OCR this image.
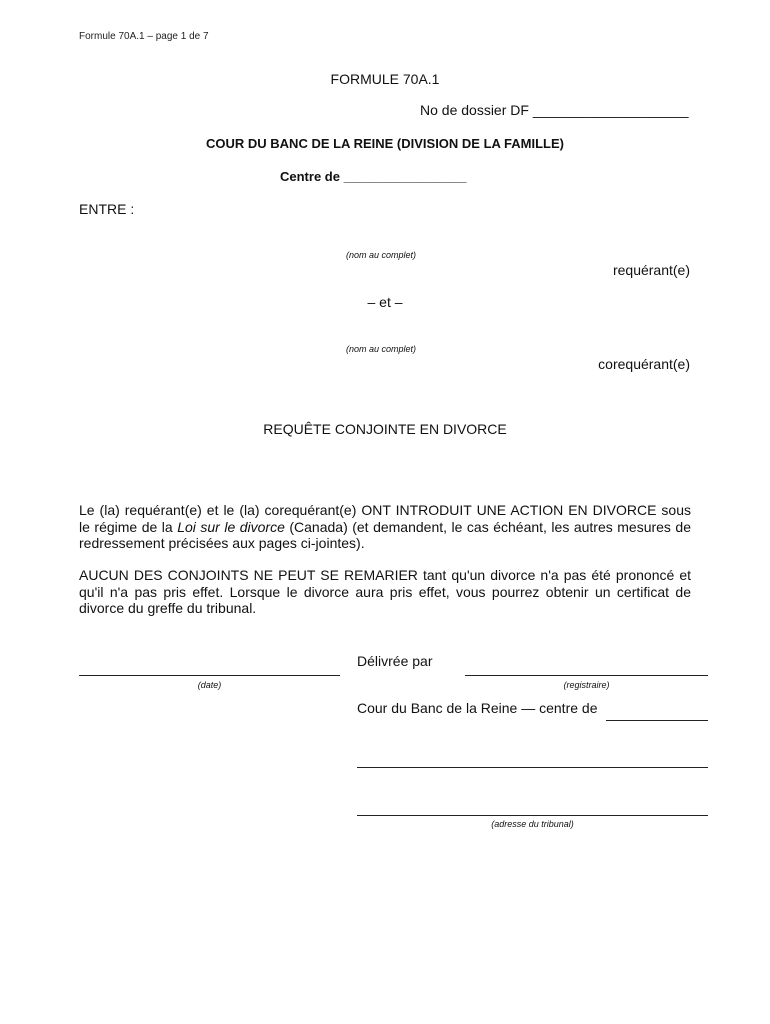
Formule 70A.1 – page 1 de 7
FORMULE 70A.1
No de dossier DF ____________________
COUR DU BANC DE LA REINE (DIVISION DE LA FAMILLE)
Centre de _________________
ENTRE :
(nom au complet)
requérant(e)
– et –
(nom au complet)
corequérant(e)
REQUÊTE CONJOINTE EN DIVORCE
Le (la) requérant(e) et le (la) corequérant(e) ONT INTRODUIT UNE ACTION EN DIVORCE sous le régime de la Loi sur le divorce (Canada) (et demandent, le cas échéant, les autres mesures de redressement précisées aux pages ci-jointes).
AUCUN DES CONJOINTS NE PEUT SE REMARIER tant qu'un divorce n'a pas été prononcé et qu'il n'a pas pris effet. Lorsque le divorce aura pris effet, vous pourrez obtenir un certificat de divorce du greffe du tribunal.
(date)
Délivrée par
(registraire)
Cour du Banc de la Reine — centre de
(adresse du tribunal)
